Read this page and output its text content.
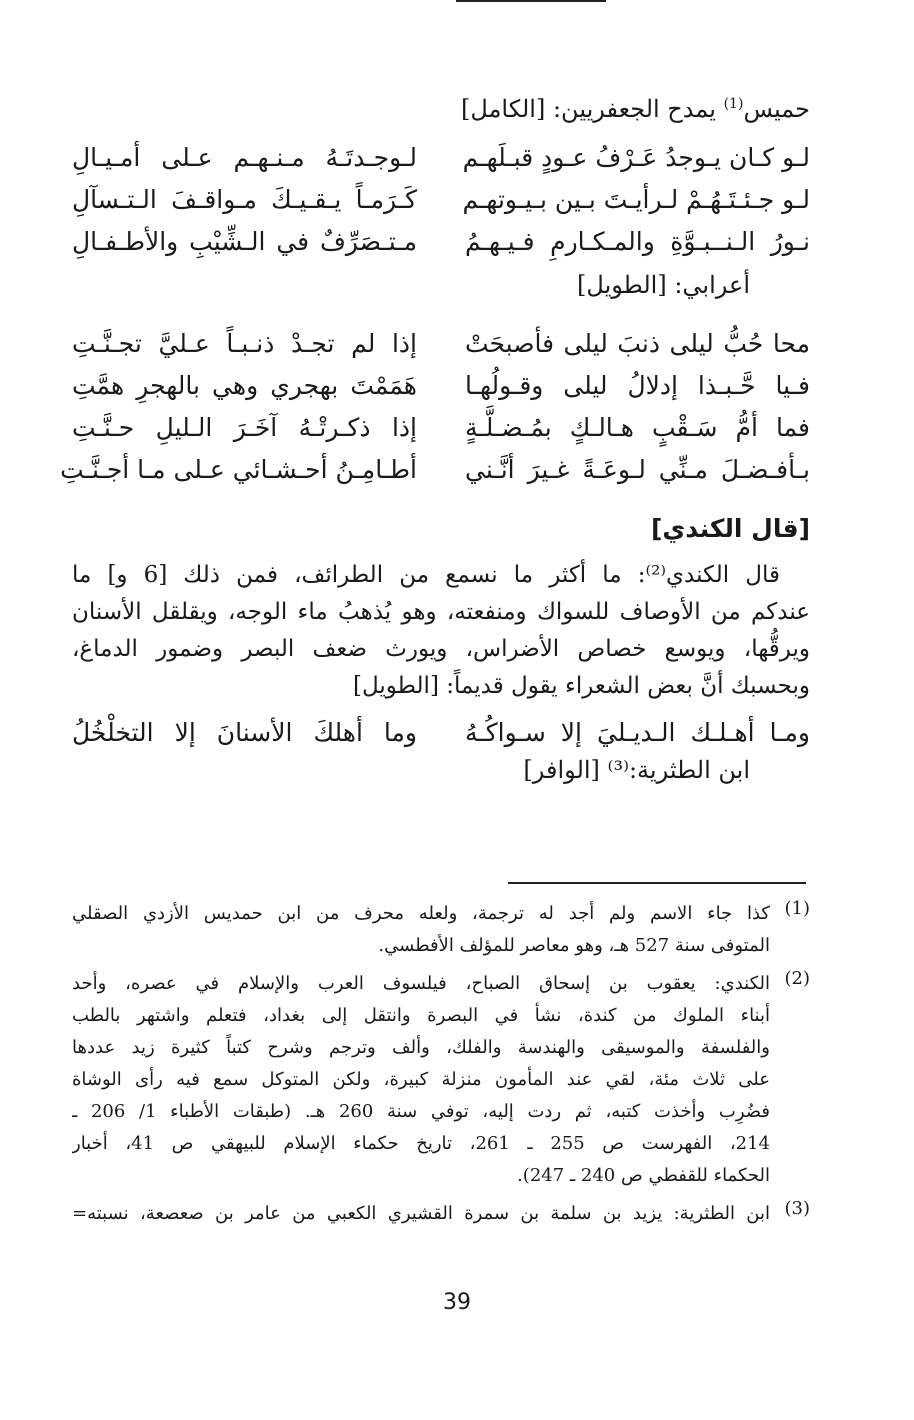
حميس$^{(1)}$ يمدح الجعفريين: [الكامل]
لـو كـان يـوجدُ عَـرْفُ عـودٍ قبـلَهـم
لـوجـدتَـهُ مـنـهـم عـلى أمـيـالِ
لـو جـئـتَـهُـمْ لـرأيـتَ بـين بـيـوتهـم
كَـرَمـاً يـقـيـكَ مـواقـفَ الـتـسآلِ
نـورُ الـنــبـوَّةِ والمـكـارمِ فـيـهـمُ
مـتـصَرِّفٌ في الـشِّيْبِ والأطـفـالِ
أعرابي: [الطويل]
محا حُبُّ ليلى ذنبَ ليلى فأصبحَتْ
إذا لم تجـدْ ذنـبـاً عـليَّ تجـنَّـتِ
فـيا حَّـبـذا إدلالُ ليلى وقـولُهـا
هَمَمْتَ بهجري وهي بالهجرِ همَّتِ
فما أمُّ سَـقْبٍ هـالـكٍ بمُـضـلَّـةٍ
إذا ذكـرتْـهُ آخَـرَ الـليلِ حـنَّـتِ
بـأفـضـلَ مـنِّي لـوعَـةً غـيرَ أنَّـني
أطـامِـنُ أحـشـائي عـلى مـا أجـنَّـتِ
[قال الكندي]

قال الكندي⁽²⁾: ما أكثر ما نسمع من الطرائف، فمن ذلك [6 و] ما

عندكم من الأوصاف للسواك ومنفعته، وهو يُذهبُ ماء الوجه، ويقلقل الأسنان

ويرقُّها، ويوسع خصاص الأضراس، ويورث ضعف البصر وضمور الدماغ،

وبحسبك أنَّ بعض الشعراء يقول قديماً: [الطويل]

ومـا أهـلـك الـديـليَ إلا سـواكُـهُ
وما أهلكَ الأسنانَ إلا التخلْخُلُ
ابن الطثرية:⁽³⁾ [الوافر]
(1)
كذا جاء الاسم ولم أجد له ترجمة، ولعله محرف من ابن حمديس الأزدي الصقلي
المتوفى سنة 527 هـ، وهو معاصر للمؤلف الأفطسي.
(2)
الكندي: يعقوب بن إسحاق الصباح، فيلسوف العرب والإسلام في عصره، وأحد
أبناء الملوك من كندة، نشأ في البصرة وانتقل إلى بغداد، فتعلم واشتهر بالطب
والفلسفة والموسيقى والهندسة والفلك، وألف وترجم وشرح كتباً كثيرة زيد عددها
على ثلاث مئة، لقي عند المأمون منزلة كبيرة، ولكن المتوكل سمع فيه رأى الوشاة
فضُرِب وأخذت كتبه، ثم ردت إليه، توفي سنة 260 هـ. (طبقات الأطباء 1/ 206 ـ
214، الفهرست ص 255 ـ 261، تاريخ حكماء الإسلام للبيهقي ص 41، أخبار
الحكماء للقفطي ص 240 ـ 247).
(3)
ابن الطثرية: يزيد بن سلمة بن سمرة القشيري الكعبي من عامر بن صعصعة، نسبته=
39
